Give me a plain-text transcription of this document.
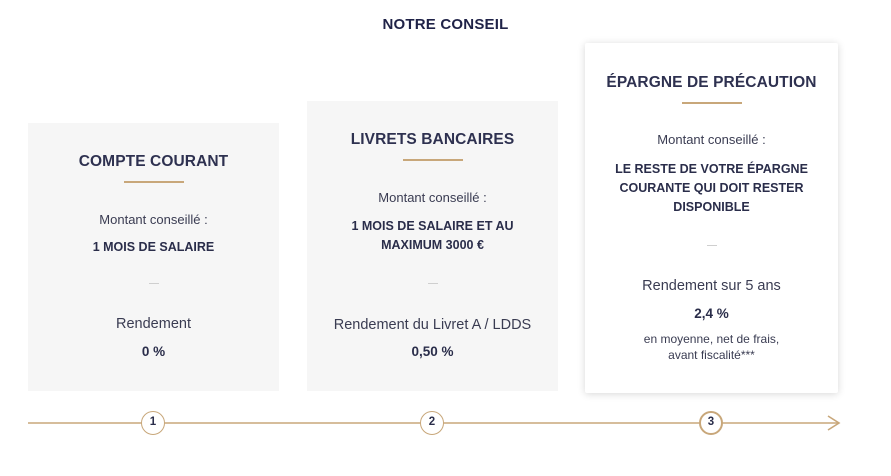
NOTRE CONSEIL
COMPTE COURANT
Montant conseillé :
1 MOIS DE SALAIRE
Rendement
0 %
LIVRETS BANCAIRES
Montant conseillé :
1 MOIS DE SALAIRE ET AU
MAXIMUM 3000 €
Rendement du Livret A / LDDS
0,50 %
ÉPARGNE DE PRÉCAUTION
Montant conseillé :
LE RESTE DE VOTRE ÉPARGNE
COURANTE QUI DOIT RESTER
DISPONIBLE
Rendement sur 5 ans
2,4 %
en moyenne, net de frais,
avant fiscalité***
1	2	3
